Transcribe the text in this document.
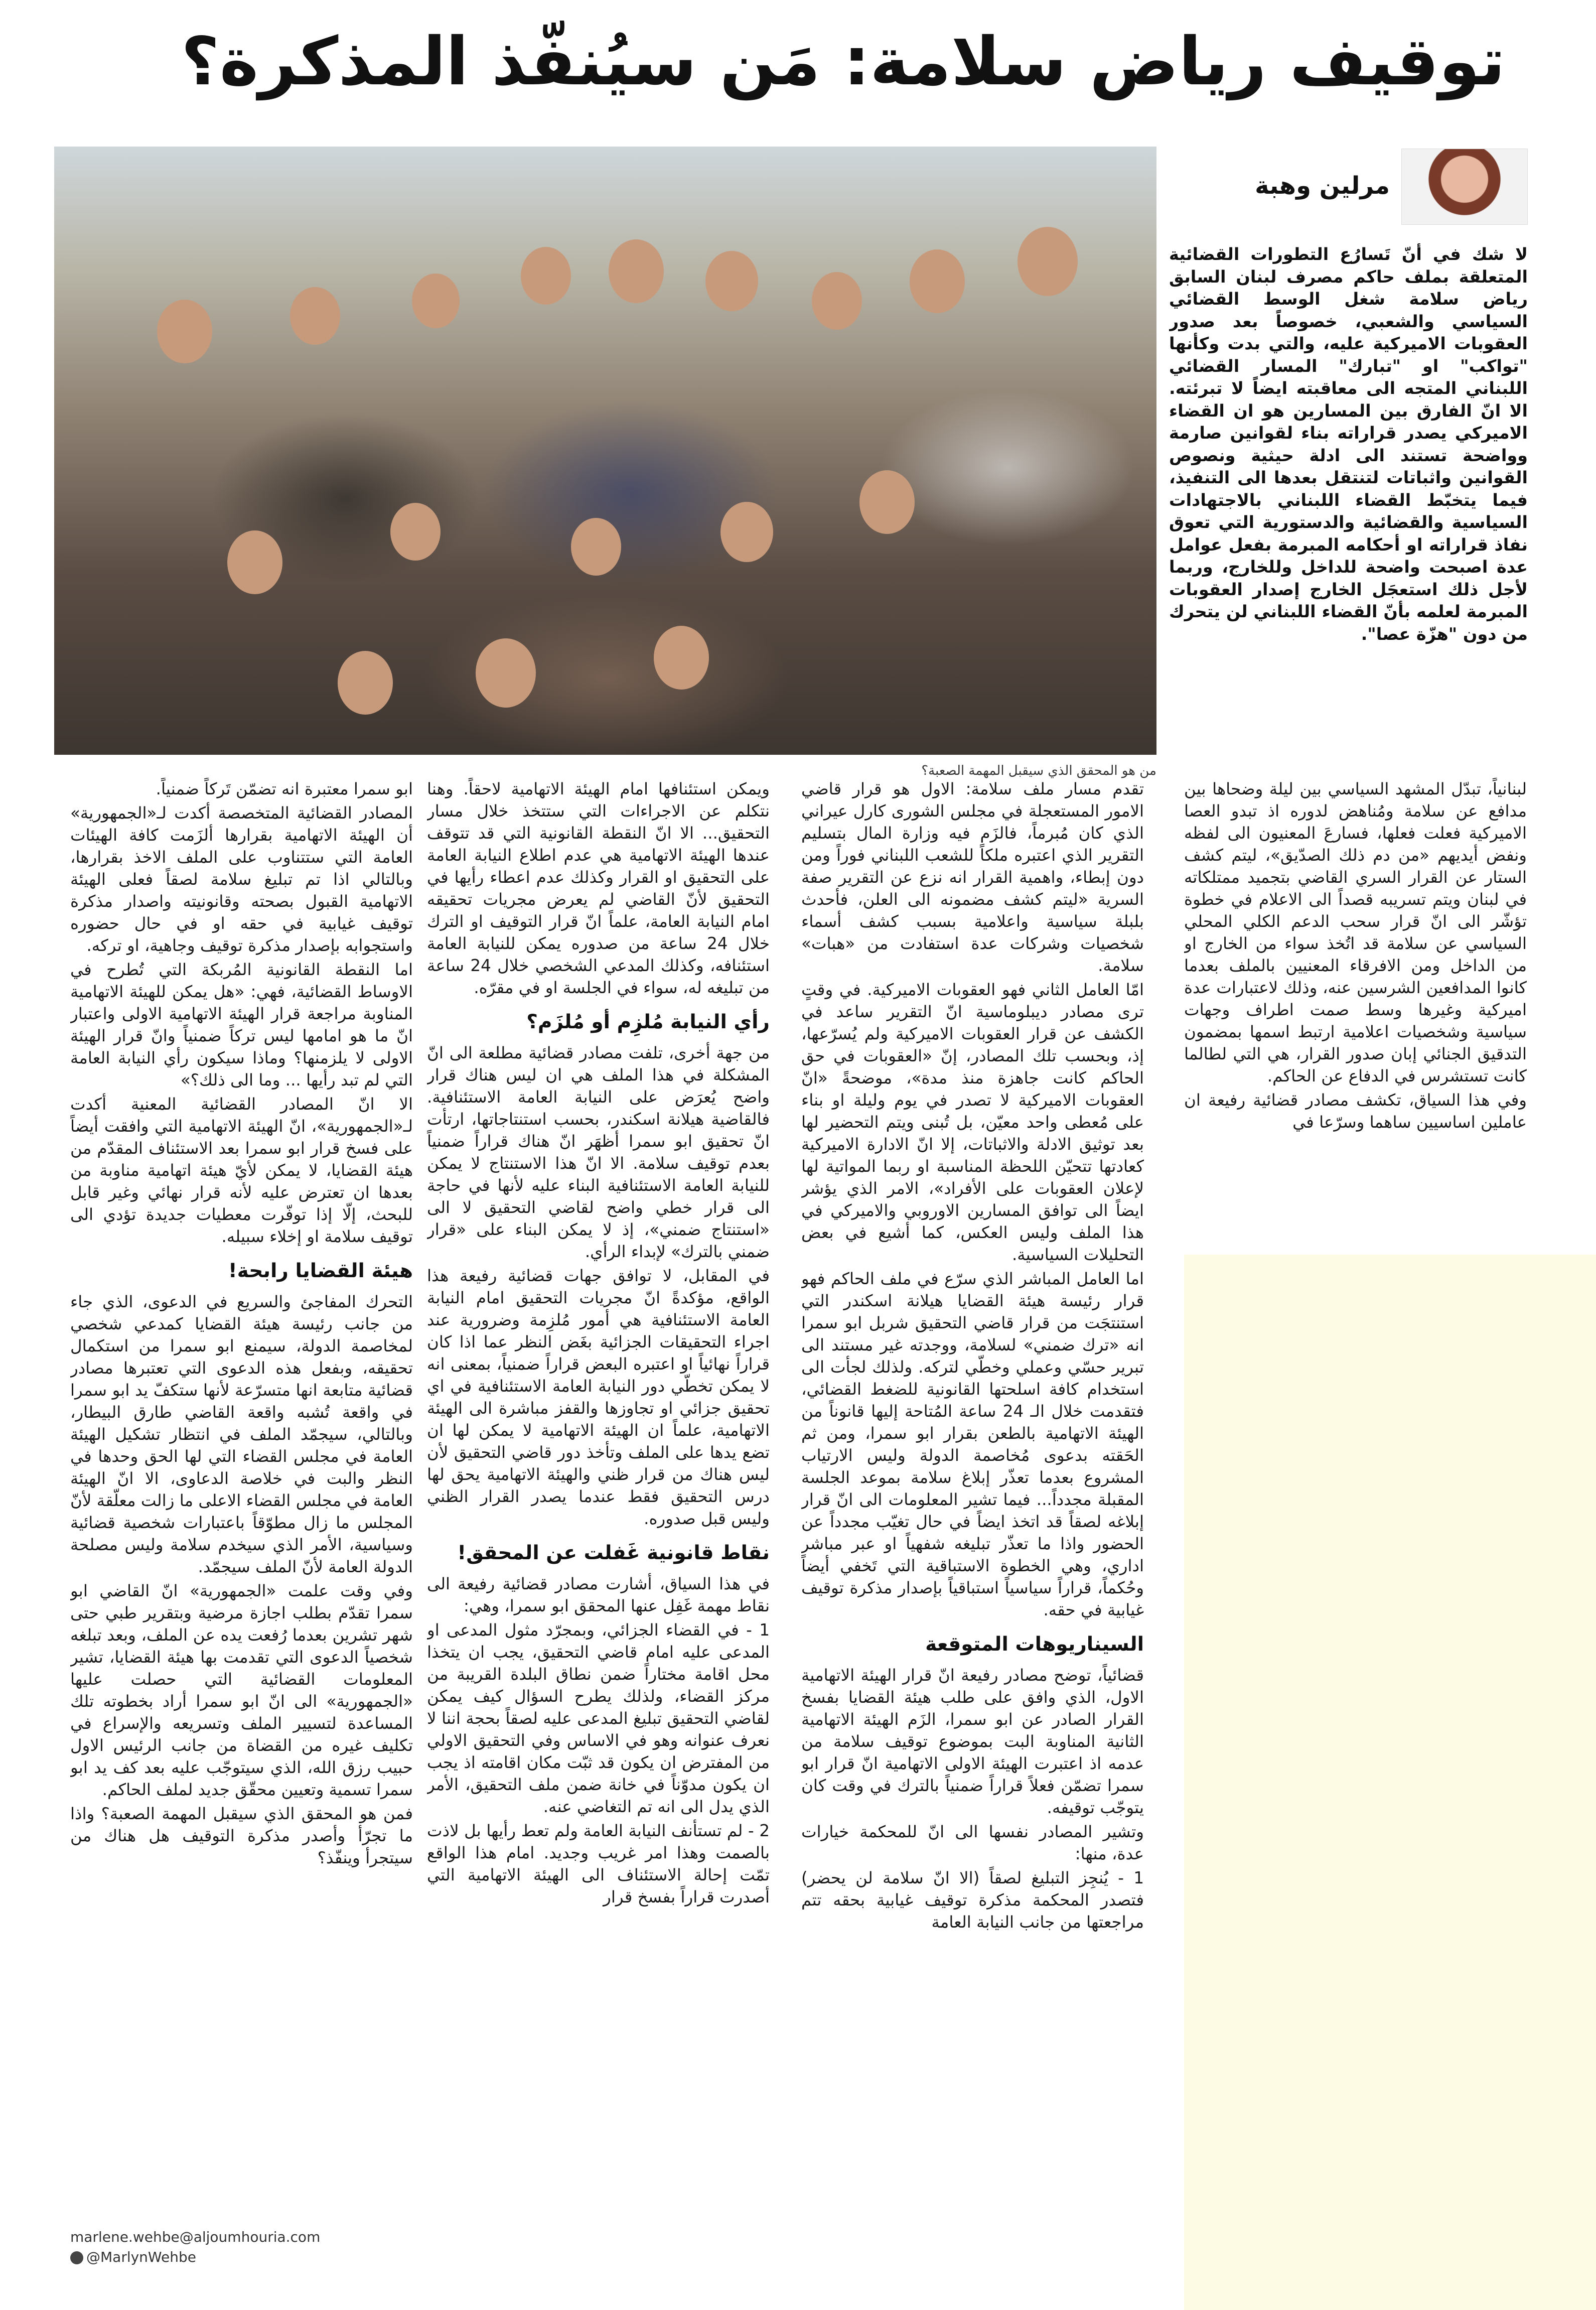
توقيف رياض سلامة: مَن سيُنفّذ المذكرة؟
من هو المحقق الذي سيقبل المهمة الصعبة؟
مرلين وهبة
لا شك في أنّ تَسارُع التطورات القضائية المتعلقة بملف حاكم مصرف لبنان السابق رياض سلامة شغل الوسط القضائي السياسي والشعبي، خصوصاً بعد صدور العقوبات الاميركية عليه، والتي بدت وكأنها "تواكب" او "تبارك" المسار القضائي اللبناني المتجه الى معاقبته ايضاً لا تبرئته. الا انّ الفارق بين المسارين هو ان القضاء الاميركي يصدر قراراته بناء لقوانين صارمة وواضحة تستند الى ادلة حيثية ونصوص القوانين واثباتات لتنتقل بعدها الى التنفيذ، فيما يتخبّط القضاء اللبناني بالاجتهادات السياسية والقضائية والدستورية التي تعوق نفاذ قراراته او أحكامه المبرمة بفعل عوامل عدة اصبحت واضحة للداخل وللخارج، وربما لأجل ذلك استعجَل الخارج إصدار العقوبات المبرمة لعلمه بأنّ القضاء اللبناني لن يتحرك من دون "هزّة عصا".

لبنانياً، تبدّل المشهد السياسي بين ليلة وضحاها بين مدافع عن سلامة ومُناهض لدوره اذ تبدو العصا الاميركية فعلت فعلها، فسارعَ المعنيون الى لفظه ونفض أيديهم «من دم ذلك الصدّيق»، ليتم كشف الستار عن القرار السري القاضي بتجميد ممتلكاته في لبنان ويتم تسريبه قصداً الى الاعلام في خطوة تؤشّر الى انّ قرار سحب الدعم الكلي المحلي السياسي عن سلامة قد اتُخذ سواء من الخارج او من الداخل ومن الافرقاء المعنيين بالملف بعدما كانوا المدافعين الشرسين عنه، وذلك لاعتبارات عدة اميركية وغيرها وسط صمت اطراف وجهات سياسية وشخصيات اعلامية ارتبط اسمها بمضمون التدقيق الجنائي إبان صدور القرار، هي التي لطالما كانت تستشرس في الدفاع عن الحاكم.

وفي هذا السياق، تكشف مصادر قضائية رفيعة ان عاملين اساسيين ساهما وسرّعا في

تقدم مسار ملف سلامة: الاول هو قرار قاضي الامور المستعجلة في مجلس الشورى كارل عيراني الذي كان مُبرماً، فالزَم فيه وزارة المال بتسليم التقرير الذي اعتبره ملكاً للشعب اللبناني فوراً ومن دون إبطاء، واهمية القرار انه نزع عن التقرير صفة السرية «ليتم كشف مضمونه الى العلن، فأحدث بلبلة سياسية واعلامية بسبب كشف أسماء شخصيات وشركات عدة استفادت من «هبات» سلامة.

امّا العامل الثاني فهو العقوبات الاميركية. في وقتٍ ترى مصادر ديبلوماسية انّ التقرير ساعد في الكشف عن قرار العقوبات الاميركية ولم يُسرّعها، إذ، وبحسب تلك المصادر، إنّ «العقوبات في حق الحاكم كانت جاهزة منذ مدة»، موضحةً «انّ العقوبات الاميركية لا تصدر في يوم وليلة او بناء على مُعطى واحد معيّن، بل تُبنى ويتم التحضير لها بعد توثيق الادلة والاثباتات، إلا انّ الادارة الاميركية كعادتها تتحيّن اللحظة المناسبة او ربما المواتية لها لإعلان العقوبات على الأفراد»، الامر الذي يؤشر ايضاً الى توافق المسارين الاوروبي والاميركي في هذا الملف وليس العكس، كما أشيع في بعض التحليلات السياسية.

اما العامل المباشر الذي سرّع في ملف الحاكم فهو قرار رئيسة هيئة القضايا هيلانة اسكندر التي استنتجَت من قرار قاضي التحقيق شربل ابو سمرا انه «ترك ضمني» لسلامة، ووجدته غير مستند الى تبرير حسّي وعملي وخطّي لتركه. ولذلك لجأت الى استخدام كافة اسلحتها القانونية للضغط القضائي، فتقدمت خلال الـ 24 ساعة المُتاحة إليها قانوناً من الهيئة الاتهامية بالطعن بقرار ابو سمرا، ومن ثم الحَقته بدعوى مُخاصمة الدولة وليس الارتياب المشروع بعدما تعذّر إبلاغ سلامة بموعد الجلسة المقبلة مجدداً... فيما تشير المعلومات الى انّ قرار إبلاغه لصقاً قد اتخذ ايضاً في حال تغيّب مجدداً عن الحضور واذا ما تعذّر تبليغه شفهياً او عبر مباشر اداري، وهي الخطوة الاستباقية التي تَخفي أيضاً وحُكماً، قراراً سياسياً استباقياً بإصدار مذكرة توقيف غيابية في حقه.

السيناريوهات المتوقعة

قضائياً، توضح مصادر رفيعة انّ قرار الهيئة الاتهامية الاول، الذي وافق على طلب هيئة القضايا بفسخ القرار الصادر عن ابو سمرا، الزَم الهيئة الاتهامية الثانية المناوبة البت بموضوع توقيف سلامة من عدمه اذ اعتبرت الهيئة الاولى الاتهامية انّ قرار ابو سمرا تضمّن فعلاً قراراً ضمنياً بالترك في وقت كان يتوجّب توقيفه.

وتشير المصادر نفسها الى انّ للمحكمة خيارات عدة، منها:

1 - يُنجِز التبليغ لصقاً (الا انّ سلامة لن يحضر) فتصدر المحكمة مذكرة توقيف غيابية بحقه تتم مراجعتها من جانب النيابة العامة

ويمكن استئنافها امام الهيئة الاتهامية لاحقاً. وهنا نتكلم عن الاجراءات التي ستتخذ خلال مسار التحقيق... الا انّ النقطة القانونية التي قد تتوقف عندها الهيئة الاتهامية هي عدم اطلاع النيابة العامة على التحقيق او القرار وكذلك عدم اعطاء رأيها في التحقيق لأنّ القاضي لم يعرض مجريات تحقيقه امام النيابة العامة، علماً انّ قرار التوقيف او الترك خلال 24 ساعة من صدوره يمكن للنيابة العامة استئنافه، وكذلك المدعي الشخصي خلال 24 ساعة من تبليغه له، سواء في الجلسة او في مقرّه.

رأي النيابة مُلزِم أو مُلزَم؟

من جهة أخرى، تلفت مصادر قضائية مطلعة الى انّ المشكلة في هذا الملف هي ان ليس هناك قرار واضح يُعرَض على النيابة العامة الاستئنافية. فالقاضية هيلانة اسكندر، بحسب استنتاجاتها، ارتأت انّ تحقيق ابو سمرا أظهَر انّ هناك قراراً ضمنياً بعدم توقيف سلامة. الا انّ هذا الاستنتاج لا يمكن للنيابة العامة الاستئنافية البناء عليه لأنها في حاجة الى قرار خطي واضح لقاضي التحقيق لا الى «استنتاج ضمني»، إذ لا يمكن البناء على «قرار ضمني بالترك» لإبداء الرأي.

في المقابل، لا توافق جهات قضائية رفيعة هذا الواقع، مؤكدةً انّ مجريات التحقيق امام النيابة العامة الاستئنافية هي أمور مُلزِمة وضرورية عند اجراء التحقيقات الجزائية بغَض النظر عما اذا كان قراراً نهائياً او اعتبره البعض قراراً ضمنياً، بمعنى انه لا يمكن تخطّي دور النيابة العامة الاستئنافية في اي تحقيق جزائي او تجاوزها والقفز مباشرة الى الهيئة الاتهامية، علماً ان الهيئة الاتهامية لا يمكن لها ان تضع يدها على الملف وتأخذ دور قاضي التحقيق لأن ليس هناك من قرار ظني والهيئة الاتهامية يحق لها درس التحقيق فقط عندما يصدر القرار الظني وليس قبل صدوره.

نقاط قانونية غَفلت عن المحقق!

في هذا السياق، أشارت مصادر قضائية رفيعة الى نقاط مهمة غَفِل عنها المحقق ابو سمرا، وهي:

1 - في القضاء الجزائي، وبمجرّد مثول المدعى او المدعى عليه امام قاضي التحقيق، يجب ان يتخذا محل اقامة مختاراً ضمن نطاق البلدة القريبة من مركز القضاء، ولذلك يطرح السؤال كيف يمكن لقاضي التحقيق تبليغ المدعى عليه لصقاً بحجة اننا لا نعرف عنوانه وهو في الاساس وفي التحقيق الاولي من المفترض ان يكون قد ثبّت مكان اقامته اذ يجب ان يكون مدوّناً في خانة ضمن ملف التحقيق، الأمر الذي يدل الى انه تم التغاضي عنه.

2 - لم تستأنف النيابة العامة ولم تعط رأيها بل لاذت بالصمت وهذا امر غريب وجديد. امام هذا الواقع تمّت إحالة الاستئناف الى الهيئة الاتهامية التي أصدرت قراراً بفسخ قرار

ابو سمرا معتبرة انه تضمّن تَركاً ضمنياً.

المصادر القضائية المتخصصة أكدت لـ«الجمهورية» أن الهيئة الاتهامية بقرارها ألزَمت كافة الهيئات العامة التي ستتناوب على الملف الاخذ بقرارها، وبالتالي اذا تم تبليغ سلامة لصقاً فعلى الهيئة الاتهامية القبول بصحته وقانونيته واصدار مذكرة توقيف غيابية في حقه او في حال حضوره واستجوابه بإصدار مذكرة توقيف وجاهية، او تركه.

اما النقطة القانونية المُربكة التي تُطرح في الاوساط القضائية، فهي: «هل يمكن للهيئة الاتهامية المناوبة مراجعة قرار الهيئة الاتهامية الاولى واعتبار انّ ما هو امامها ليس تركاً ضمنياً وانّ قرار الهيئة الاولى لا يلزمنها؟ وماذا سيكون رأي النيابة العامة التي لم تبد رأيها ... وما الى ذلك؟»

الا انّ المصادر القضائية المعنية أكدت لـ«الجمهورية»، انّ الهيئة الاتهامية التي وافقت أيضاً على فسخ قرار ابو سمرا بعد الاستئناف المقدّم من هيئة القضايا، لا يمكن لأيّ هيئة اتهامية مناوبة من بعدها ان تعترض عليه لأنه قرار نهائي وغير قابل للبحث، إلّا إذا توفّرت معطيات جديدة تؤدي الى توقيف سلامة او إخلاء سبيله.

هيئة القضايا رابحة!

التحرك المفاجئ والسريع في الدعوى، الذي جاء من جانب رئيسة هيئة القضايا كمدعي شخصي لمخاصمة الدولة، سيمنع ابو سمرا من استكمال تحقيقه، وبفعل هذه الدعوى التي تعتبرها مصادر قضائية متابعة انها متسرّعة لأنها ستكفّ يد ابو سمرا في واقعة تُشبه واقعة القاضي طارق البيطار، وبالتالي، سيجمّد الملف في انتظار تشكيل الهيئة العامة في مجلس القضاء التي لها الحق وحدها في النظر والبت في خلاصة الدعاوى، الا انّ الهيئة العامة في مجلس القضاء الاعلى ما زالت معلّقة لأنّ المجلس ما زال مطوّقاً باعتبارات شخصية قضائية وسياسية، الأمر الذي سيخدم سلامة وليس مصلحة الدولة العامة لأنّ الملف سيجمّد.

وفي وقت علمت «الجمهورية» انّ القاضي ابو سمرا تقدّم بطلب اجازة مرضية وبتقرير طبي حتى شهر تشرين بعدما رُفعت يده عن الملف، وبعد تبلغه شخصياً الدعوى التي تقدمت بها هيئة القضايا، تشير المعلومات القضائية التي حصلت عليها «الجمهورية» الى انّ ابو سمرا أراد بخطوته تلك المساعدة لتسيير الملف وتسريعه والإسراع في تكليف غيره من القضاة من جانب الرئيس الاول حبيب رزق الله، الذي سيتوجّب عليه بعد كف يد ابو سمرا تسمية وتعيين محقّق جديد لملف الحاكم.

فمن هو المحقق الذي سيقبل المهمة الصعبة؟ واذا ما تجرّأ وأصدر مذكرة التوقيف هل هناك من سيتجرأ وينفّذ؟

marlene.wehbe@aljoumhouria.com
@MarlynWehbe
